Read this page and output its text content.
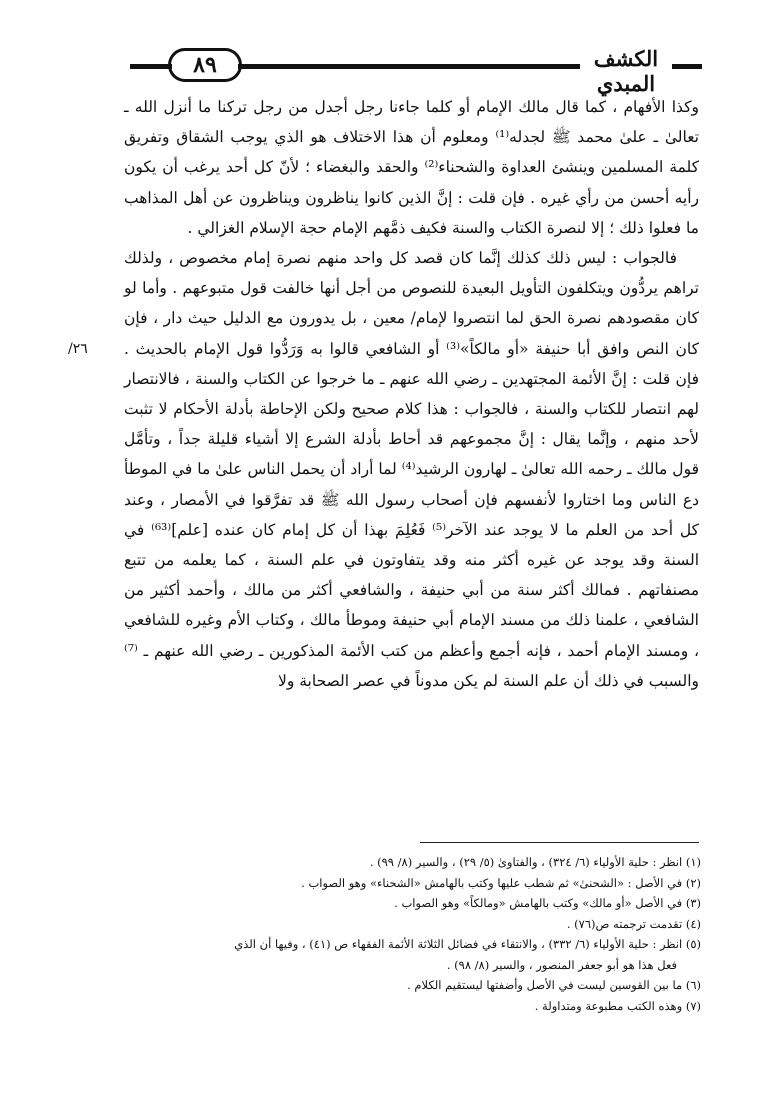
٨٩	الكشف المبدي
٢٦/

وكذا الأفهام ، كما قال مالك الإمام أو كلما جاءنا رجل أجدل من رجل تركنا ما أنزل الله ـ تعالىٰ ـ علىٰ محمد ﷺ لجدله⁽¹⁾ ومعلوم أن هذا الاختلاف هو الذي يوجب الشقاق وتفريق كلمة المسلمين وينشئ العداوة والشحناء⁽²⁾ والحقد والبغضاء ؛ لأنّ كل أحد يرغب أن يكون رأيه أحسن من رأي غيره . فإن قلت : إنَّ الذين كانوا يناظرون ويناظرون عن أهل المذاهب ما فعلوا ذلك ؛ إلا لنصرة الكتاب والسنة فكيف ذمَّهم الإمام حجة الإسلام الغزالي .

فالجواب : ليس ذلك كذلك إنَّما كان قصد كل واحد منهم نصرة إمام مخصوص ، ولذلك تراهم يردُّون ويتكلفون التأويل البعيدة للنصوص من أجل أنها خالفت قول متبوعهم . وأما لو كان مقصودهم نصرة الحق لما انتصروا لإمام/ معين ، بل يدورون مع الدليل حيث دار ، فإن كان النص وافق أبا حنيفة «أو مالكاً»⁽³⁾ أو الشافعي قالوا به وَرَدُّوا قول الإمام بالحديث . فإن قلت : إنَّ الأئمة المجتهدين ـ رضي الله عنهم ـ ما خرجوا عن الكتاب والسنة ، فالانتصار لهم انتصار للكتاب والسنة ، فالجواب : هذا كلام صحيح ولكن الإحاطة بأدلة الأحكام لا تثبت لأحد منهم ، وإنَّما يقال : إنَّ مجموعهم قد أحاط بأدلة الشرع إلا أشياء قليلة جداً ، وتأمَّل قول مالك ـ رحمه الله تعالىٰ ـ لهارون الرشيد⁽⁴⁾ لما أراد أن يحمل الناس علىٰ ما في الموطأ دع الناس وما اختاروا لأنفسهم فإن أصحاب رسول الله ﷺ قد تفرَّقوا في الأمصار ، وعند كل أحد من العلم ما لا يوجد عند الآخر⁽⁵⁾ فَعُلِمَ بهذا أن كل إمام كان عنده [علم]⁽⁶³⁾ في السنة وقد يوجد عن غيره أكثر منه وقد يتفاوتون في علم السنة ، كما يعلمه من تتبع مصنفاتهم . فمالك أكثر سنة من أبي حنيفة ، والشافعي أكثر من مالك ، وأحمد أكثير من الشافعي ، علمنا ذلك من مسند الإمام أبي حنيفة وموطأ مالك ، وكتاب الأم وغيره للشافعي ، ومسند الإمام أحمد ، فإنه أجمع وأعظم من كتب الأئمة المذكورين ـ رضي الله عنهم ـ ⁽⁷⁾ والسبب في ذلك أن علم السنة لم يكن مدوناً في عصر الصحابة ولا

(١) انظر : حلية الأولياء (٦/ ٣٢٤) ، والفتاوىٰ (٥/ ٢٩) ، والسير (٨/ ٩٩) .

(٢) في الأصل : «الشحنىٰ» ثم شطب عليها وكتب بالهامش «الشحناء» وهو الصواب .

(٣) في الأصل «أو مالك» وكتب بالهامش «ومالكاً» وهو الصواب .

(٤) تقدمت ترجمته ص(٧٦) .

(٥) انظر : حلية الأولياء (٦/ ٣٣٢) ، والانتقاء في فضائل الثلاثة الأئمة الفقهاء ص (٤١) ، وفيها أن الذي

فعل هذا هو أبو جعفر المنصور ، والسير (٨/ ٩٨) .

(٦) ما بين القوسين ليست في الأصل وأضفتها ليستقيم الكلام .

(٧) وهذه الكتب مطبوعة ومتداولة .
